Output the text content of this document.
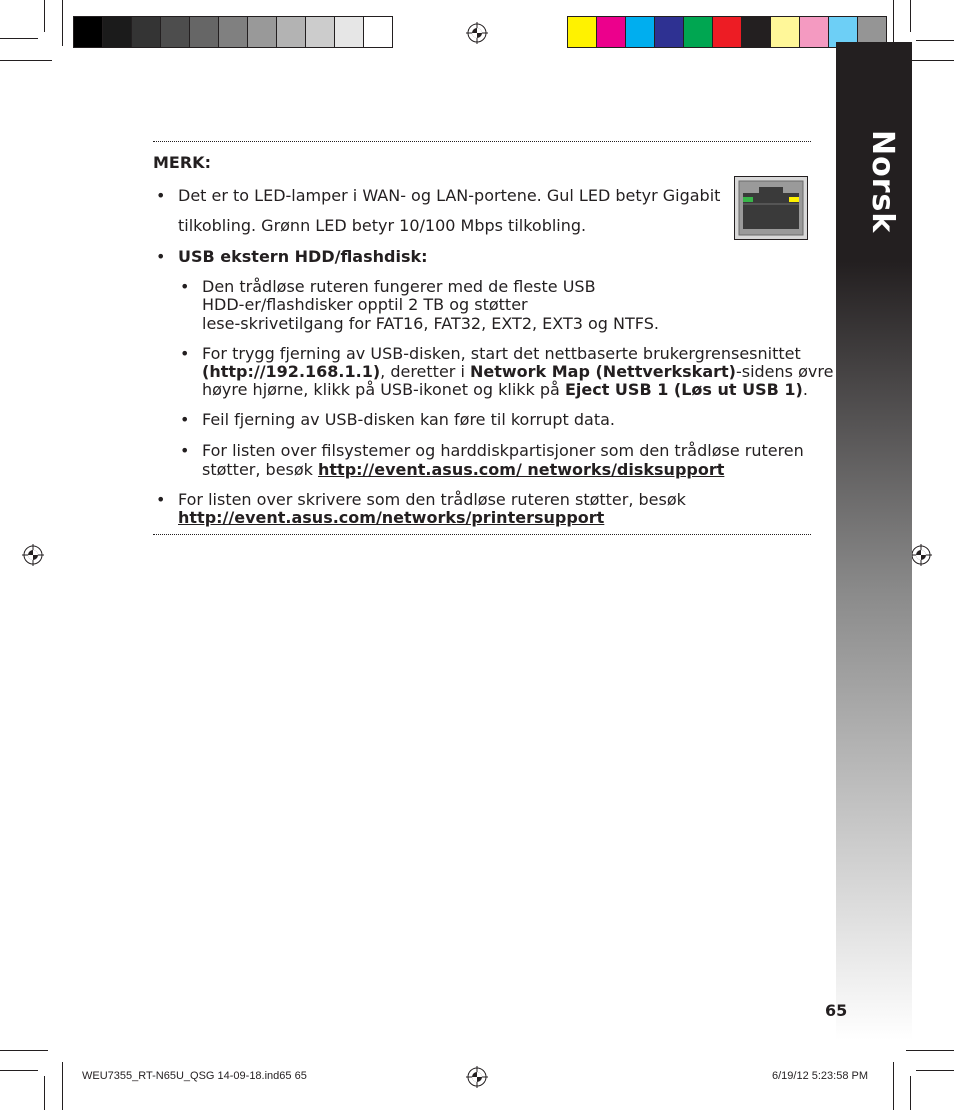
Norsk
MERK:
• Det er to LED-lamper i WAN- og LAN-portene. Gul LED betyr Gigabit
tilkobling. Grønn LED betyr 10/100 Mbps tilkobling.
• USB ekstern HDD/flashdisk:
• Den trådløse ruteren fungerer med de fleste USB
HDD-er/flashdisker opptil 2 TB og støtter
lese-skrivetilgang for FAT16, FAT32, EXT2, EXT3 og NTFS.
• For trygg fjerning av USB-disken, start det nettbaserte brukergrensesnittet
(http://192.168.1.1), deretter i Network Map (Nettverkskart)-sidens øvre
høyre hjørne, klikk på USB-ikonet og klikk på Eject USB 1 (Løs ut USB 1).
• Feil fjerning av USB-disken kan føre til korrupt data.
• For listen over filsystemer og harddiskpartisjoner som den trådløse ruteren
støtter, besøk http://event.asus.com/ networks/disksupport
• For listen over skrivere som den trådløse ruteren støtter, besøk
http://event.asus.com/networks/printersupport
65
WEU7355_RT-N65U_QSG 14-09-18.ind65 65	6/19/12 5:23:58 PM
